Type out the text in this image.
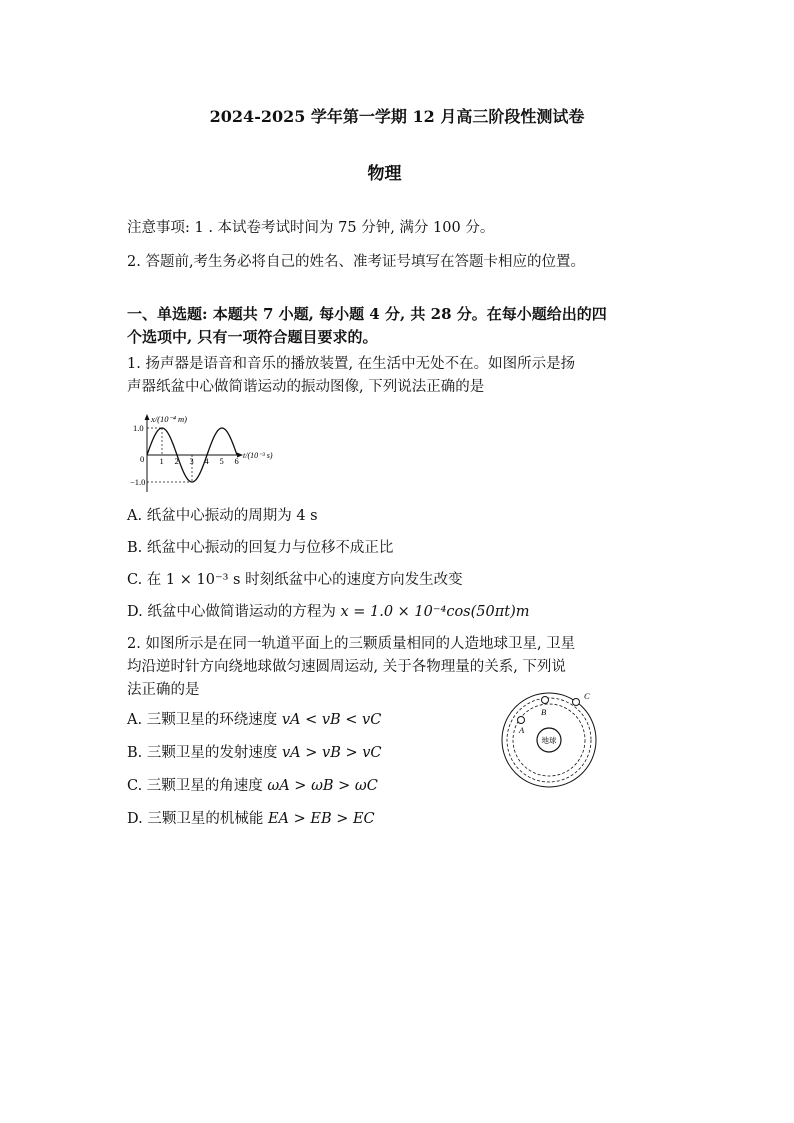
2024-2025 学年第一学期 12 月高三阶段性测试卷
物理
注意事项: 1 . 本试卷考试时间为 75 分钟, 满分 100 分。
2. 答题前,考生务必将自己的姓名、准考证号填写在答题卡相应的位置。
一、单选题: 本题共 7 小题, 每小题 4 分, 共 28 分。在每小题给出的四
个选项中, 只有一项符合题目要求的。
1. 扬声器是语音和音乐的播放装置, 在生活中无处不在。如图所示是扬
声器纸盆中心做简谐运动的振动图像, 下列说法正确的是
x/(10⁻⁴ m)
t/(10⁻³ s)
1.0
−1.0
0 1 2 3 4 5 6
A. 纸盆中心振动的周期为 4 s
B. 纸盆中心振动的回复力与位移不成正比
C. 在 1 × 10⁻³ s 时刻纸盆中心的速度方向发生改变
D. 纸盆中心做简谐运动的方程为 x = 1.0 × 10⁻⁴cos(50πt)m
2. 如图所示是在同一轨道平面上的三颗质量相同的人造地球卫星, 卫星
均沿逆时针方向绕地球做匀速圆周运动, 关于各物理量的关系, 下列说
法正确的是
A. 三颗卫星的环绕速度 vA < vB < vC
B. 三颗卫星的发射速度 vA > vB > vC
C. 三颗卫星的角速度 ωA > ωB > ωC
D. 三颗卫星的机械能 EA > EB > EC
地球
A
B
C
